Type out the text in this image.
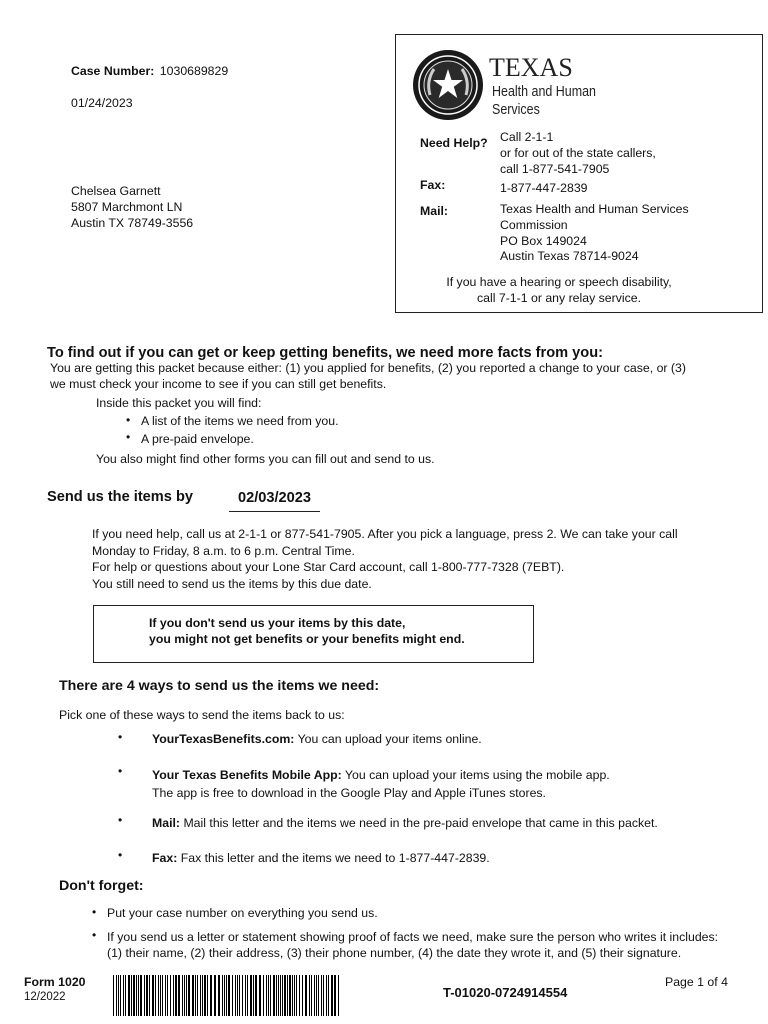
Case Number: 1030689829
01/24/2023
Chelsea Garnett
5807 Marchmont LN
Austin TX 78749-3556
TEXAS
Health and Human
Services
Need Help? Call 2-1-1
or for out of the state callers,
call 1-877-541-7905
Fax:	1-877-447-2839
Mail:	Texas Health and Human Services
Commission
PO Box 149024
Austin Texas 78714-9024
If you have a hearing or speech disability,
call 7-1-1 or any relay service.
To find out if you can get or keep getting benefits, we need more facts from you:
You are getting this packet because either: (1) you applied for benefits, (2) you reported a change to your case, or (3)
we must check your income to see if you can still get benefits.
Inside this packet you will find:
• A list of the items we need from you.
• A pre-paid envelope.
You also might find other forms you can fill out and send to us.
Send us the items by	02/03/2023
If you need help, call us at 2-1-1 or 877-541-7905. After you pick a language, press 2. We can take your call
Monday to Friday, 8 a.m. to 6 p.m. Central Time.
For help or questions about your Lone Star Card account, call 1-800-777-7328 (7EBT).
You still need to send us the items by this due date.
If you don't send us your items by this date,
you might not get benefits or your benefits might end.
There are 4 ways to send us the items we need:
Pick one of these ways to send the items back to us:
• YourTexasBenefits.com: You can upload your items online.
• Your Texas Benefits Mobile App: You can upload your items using the mobile app.
The app is free to download in the Google Play and Apple iTunes stores.
• Mail: Mail this letter and the items we need in the pre-paid envelope that came in this packet.
• Fax: Fax this letter and the items we need to 1-877-447-2839.
Don't forget:
• Put your case number on everything you send us.
• If you send us a letter or statement showing proof of facts we need, make sure the person who writes it includes:
(1) their name, (2) their address, (3) their phone number, (4) the date they wrote it, and (5) their signature.
Form 1020
12/2022	T-01020-0724914554
Page 1 of 4
